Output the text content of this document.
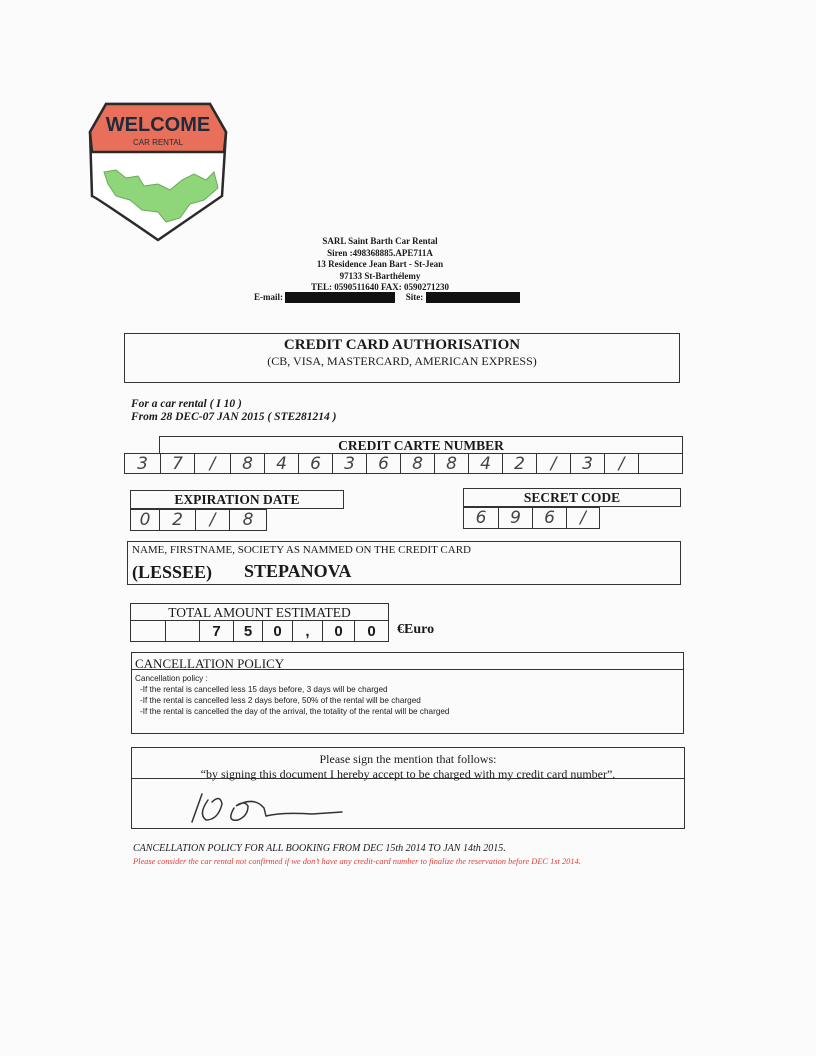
WELCOME
CAR RENTAL
SARL Saint Barth Car Rental
Siren :498368885.APE711A
13 Residence Jean Bart - St-Jean
97133 St-Barthélemy
TEL: 0590511640 FAX: 0590271230
E-mail:	Site:
CREDIT CARD AUTHORISATION
(CB, VISA, MASTERCARD, AMERICAN EXPRESS)
For a car rental ( I 10 )
From 28 DEC-07 JAN 2015 ( STE281214 )
CREDIT CARTE NUMBER
3	7	/	8	4	6	3	6	8	8	4	2	/	3	/
EXPIRATION DATE
0	2	/	8
SECRET CODE
6	9	6	/
NAME, FIRSTNAME, SOCIETY AS NAMMED ON THE CREDIT CARD
(LESSEE) STEPANOVA
TOTAL AMOUNT ESTIMATED
7	5	0	,	0	0	€Euro
CANCELLATION POLICY
Cancellation policy :
-If the rental is cancelled less 15 days before, 3 days will be charged
-If the rental is cancelled less 2 days before, 50% of the rental will be charged
-If the rental is cancelled the day of the arrival, the totality of the rental will be charged
Please sign the mention that follows:
“by signing this document I hereby accept to be charged with my credit card number”.
CANCELLATION POLICY FOR ALL BOOKING FROM DEC 15th 2014 TO JAN 14th 2015.
Please consider the car rental not confirmed if we don’t have any credit-card number to finalize the reservation before DEC 1st 2014.
